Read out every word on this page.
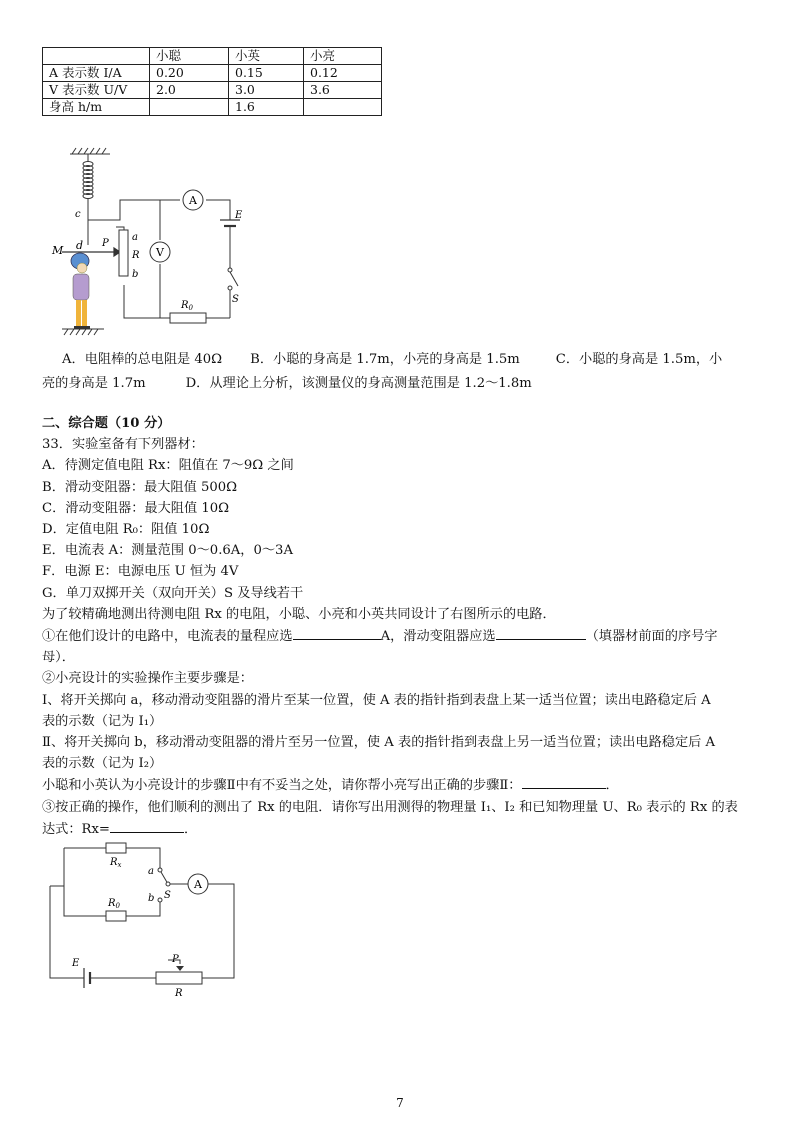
	小聪	小英	小亮
A 表示数 I/A	0.20	0.15	0.12
V 表示数 U/V	2.0	3.0	3.6
身高 h/m		1.6	
c
M d P
a
R
b
V
A
E
S
$R_0$
A．电阻棒的总电阻是 40Ω B．小聪的身高是 1.7m，小亮的身高是 1.5m	C．小聪的身高是 1.5m，小
亮的身高是 1.7m	D．从理论上分析，该测量仪的身高测量范围是 1.2～1.8m

二、综合题（10 分）

33．实验室备有下列器材：

A．待测定值电阻 Rx：阻值在 7～9Ω 之间

B．滑动变阻器：最大阻值 500Ω

C．滑动变阻器：最大阻值 10Ω

D．定值电阻 R₀：阻值 10Ω

E．电流表 A：测量范围 0～0.6A，0～3A

F．电源 E：电源电压 U 恒为 4V

G．单刀双掷开关（双向开关）S 及导线若干

为了较精确地测出待测电阻 Rx 的电阻，小聪、小亮和小英共同设计了右图所示的电路．

①在他们设计的电路中，电流表的量程应选	A，滑动变阻器应选	（填器材前面的序号字

母）．

②小亮设计的实验操作主要步骤是：

Ⅰ、将开关掷向 a，移动滑动变阻器的滑片至某一位置，使 A 表的指针指到表盘上某一适当位置；读出电路稳定后 A

表的示数（记为 I₁）

Ⅱ、将开关掷向 b，移动滑动变阻器的滑片至另一位置，使 A 表的指针指到表盘上另一适当位置；读出电路稳定后 A

表的示数（记为 I₂）

小聪和小英认为小亮设计的步骤Ⅱ中有不妥当之处，请你帮小亮写出正确的步骤Ⅱ：	．

③按正确的操作，他们顺利的测出了 Rx 的电阻．请你写出用测得的物理量 I₁、I₂ 和已知物理量 U、R₀ 表示的 Rx 的表

达式：Rx=	．

$R_x$
$R_0$
a
b S
A
E	P
R
7
